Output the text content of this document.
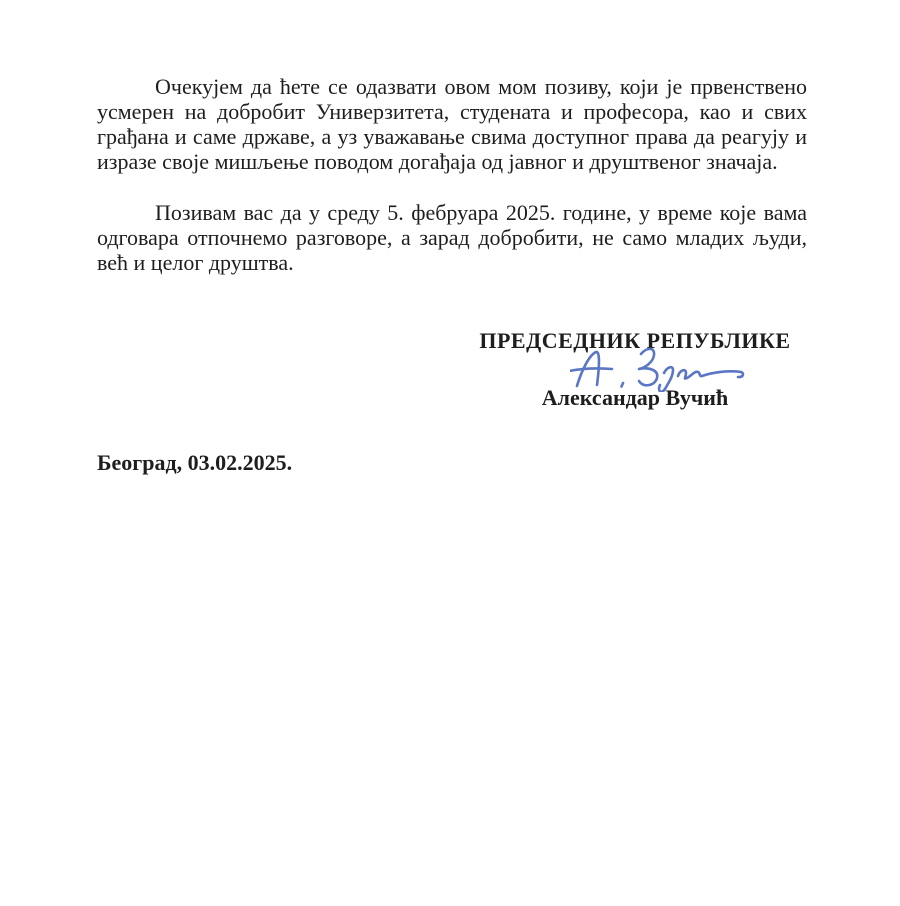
Очекујем да ћете се одазвати овом мом позиву, који је првенствено
усмерен на добробит Универзитета, студената и професора, као и свих
грађана и саме државе, а уз уважавање свима доступног права да реагују и
изразе своје мишљење поводом догађаја од јавног и друштвеног значаја.
Позивам вас да у среду 5. фебруара 2025. године, у време које вама
одговара отпочнемо разговоре, а зарад добробити, не само младих људи,
већ и целог друштва.
ПРЕДСЕДНИК РЕПУБЛИКЕ
Александар Вучић
Београд, 03.02.2025.
